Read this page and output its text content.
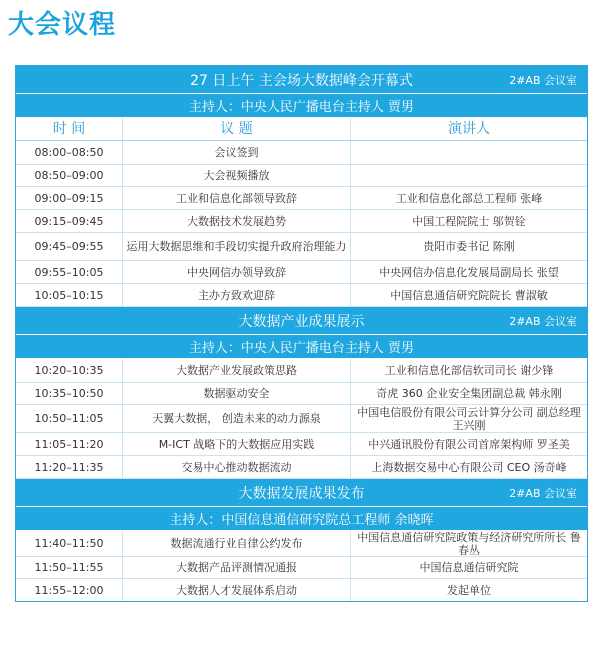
大会议程
27 日上午 主会场大数据峰会开幕式	2#AB 会议室
主持人：中央人民广播电台主持人 贾男
时 间	议 题	演讲人
08:00–08:50	会议签到
08:50–09:00	大会视频播放
09:00–09:15	工业和信息化部领导致辞	工业和信息化部总工程师 张峰
09:15–09:45	大数据技术发展趋势	中国工程院院士 邬贺铨
09:45–09:55	运用大数据思维和手段切实提升政府治理能力	贵阳市委书记 陈刚
09:55–10:05	中央网信办领导致辞	中央网信办信息化发展局副局长 张望
10:05–10:15	主办方致欢迎辞	中国信息通信研究院院长 曹淑敏
大数据产业成果展示	2#AB 会议室
主持人：中央人民广播电台主持人 贾男
10:20–10:35	大数据产业发展政策思路	工业和信息化部信软司司长 谢少锋
10:35–10:50	数据驱动安全	奇虎 360 企业安全集团副总裁 韩永刚
10:50–11:05	天翼大数据， 创造未来的动力源泉	中国电信股份有限公司云计算分公司 副总经理 王兴刚
11:05–11:20	M-ICT 战略下的大数据应用实践	中兴通讯股份有限公司首席架构师 罗圣美
11:20–11:35	交易中心推动数据流动	上海数据交易中心有限公司 CEO 汤奇峰
大数据发展成果发布	2#AB 会议室
主持人：中国信息通信研究院总工程师 余晓晖
11:40–11:50	数据流通行业自律公约发布	中国信息通信研究院政策与经济研究所所长 鲁春丛
11:50–11:55	大数据产品评测情况通报	中国信息通信研究院
11:55–12:00	大数据人才发展体系启动	发起单位
